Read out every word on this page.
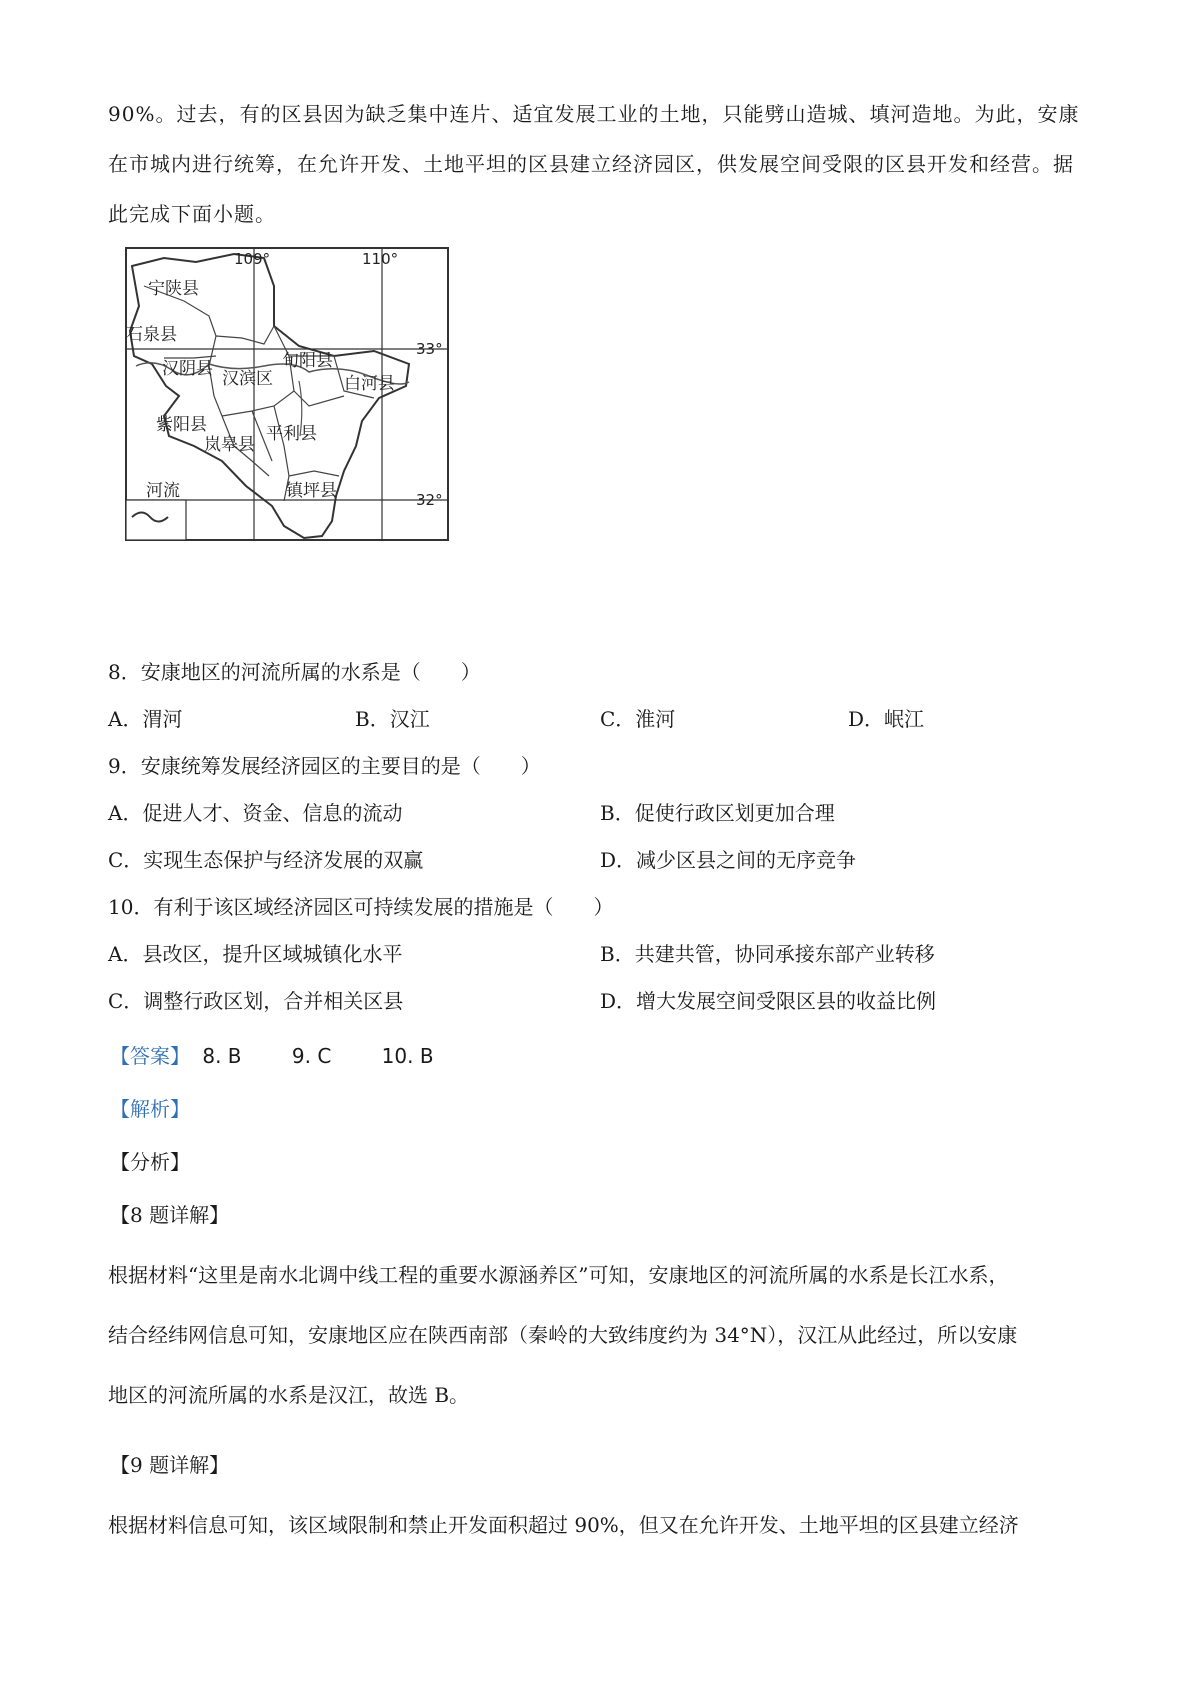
90%。过去，有的区县因为缺乏集中连片、适宜发展工业的土地，只能劈山造城、填河造地。为此，安康
在市城内进行统筹，在允许开发、土地平坦的区县建立经济园区，供发展空间受限的区县开发和经营。据
此完成下面小题。
109°	110°
33°
32°
宁陕县
石泉县
汉阴县 汉滨区
旬阳县
白河县
紫阳县
岚皋县
平利县
镇坪县
河流
8．安康地区的河流所属的水系是（　　）
A．渭河	B．汉江	C．淮河	D．岷江
9．安康统筹发展经济园区的主要目的是（　　）
A．促进人才、资金、信息的流动	B．促使行政区划更加合理
C．实现生态保护与经济发展的双赢	D．减少区县之间的无序竞争
10．有利于该区域经济园区可持续发展的措施是（　　）
A．县改区，提升区域城镇化水平	B．共建共管，协同承接东部产业转移
C．调整行政区划，合并相关区县	D．增大发展空间受限区县的收益比例
【答案】 8. B	9. C	10. B
【解析】
【分析】
【8 题详解】
根据材料“这里是南水北调中线工程的重要水源涵养区”可知，安康地区的河流所属的水系是长江水系，
结合经纬网信息可知，安康地区应在陕西南部（秦岭的大致纬度约为 34°N），汉江从此经过，所以安康
地区的河流所属的水系是汉江，故选 B。
【9 题详解】
根据材料信息可知，该区域限制和禁止开发面积超过 90%，但又在允许开发、土地平坦的区县建立经济
